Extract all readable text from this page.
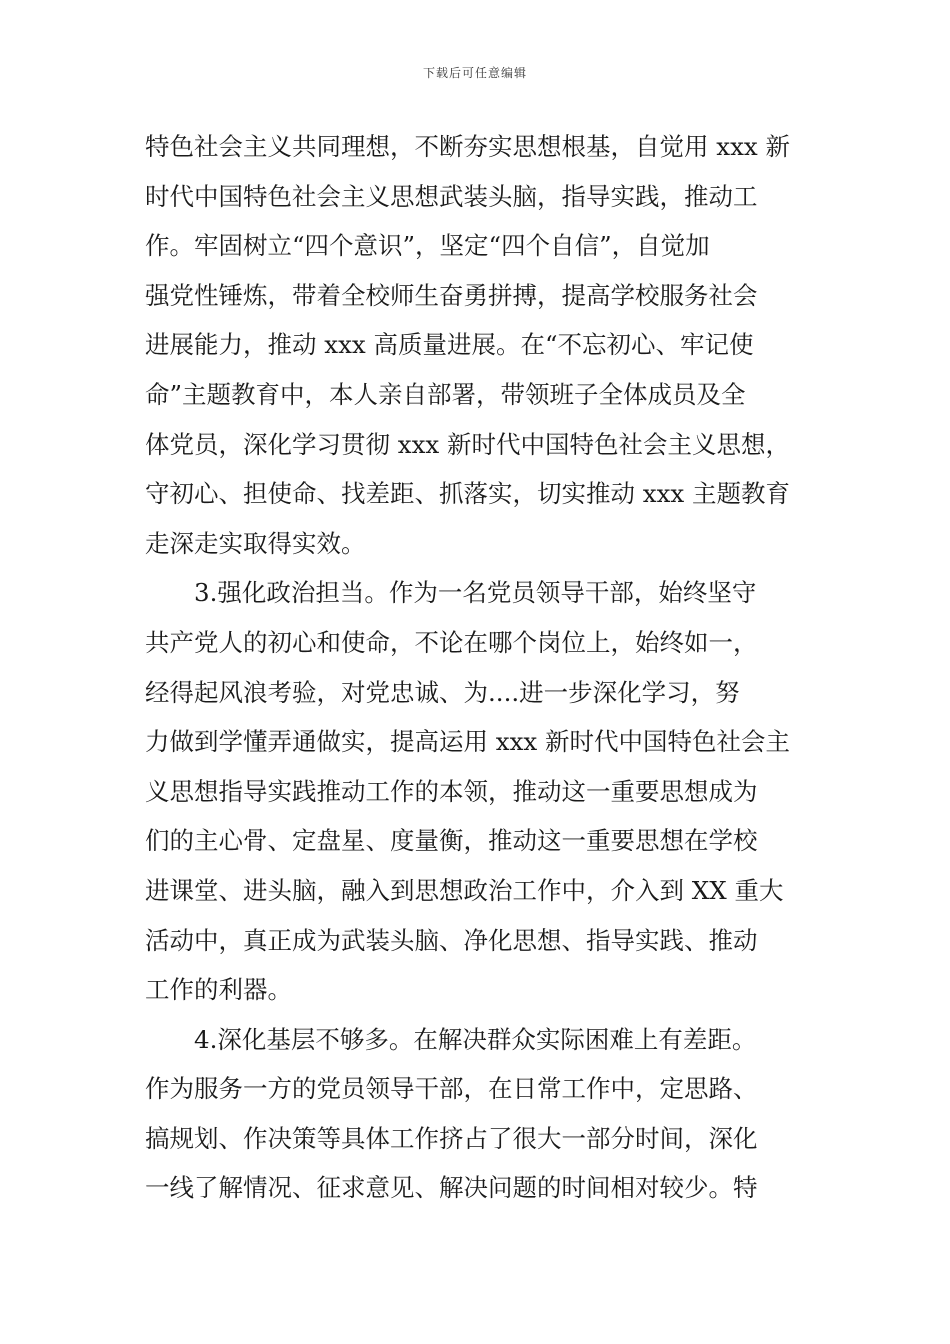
下载后可任意编辑
特色社会主义共同理想，不断夯实思想根基，自觉用 xxx 新
时代中国特色社会主义思想武装头脑，指导实践，推动工
作。牢固树立“四个意识”，坚定“四个自信”，自觉加
强党性锤炼，带着全校师生奋勇拼搏，提高学校服务社会
进展能力，推动 xxx 高质量进展。在“不忘初心、牢记使
命”主题教育中，本人亲自部署，带领班子全体成员及全
体党员，深化学习贯彻 xxx 新时代中国特色社会主义思想，
守初心、担使命、找差距、抓落实，切实推动 xxx 主题教育
走深走实取得实效。
　　3.强化政治担当。作为一名党员领导干部，始终坚守
共产党人的初心和使命，不论在哪个岗位上，始终如一，
经得起风浪考验，对党忠诚、为....进一步深化学习，努
力做到学懂弄通做实，提高运用 xxx 新时代中国特色社会主
义思想指导实践推动工作的本领，推动这一重要思想成为
们的主心骨、定盘星、度量衡，推动这一重要思想在学校
进课堂、进头脑，融入到思想政治工作中，介入到 XX 重大
活动中，真正成为武装头脑、净化思想、指导实践、推动
工作的利器。
　　4.深化基层不够多。在解决群众实际困难上有差距。
作为服务一方的党员领导干部，在日常工作中，定思路、
搞规划、作决策等具体工作挤占了很大一部分时间，深化
一线了解情况、征求意见、解决问题的时间相对较少。特
